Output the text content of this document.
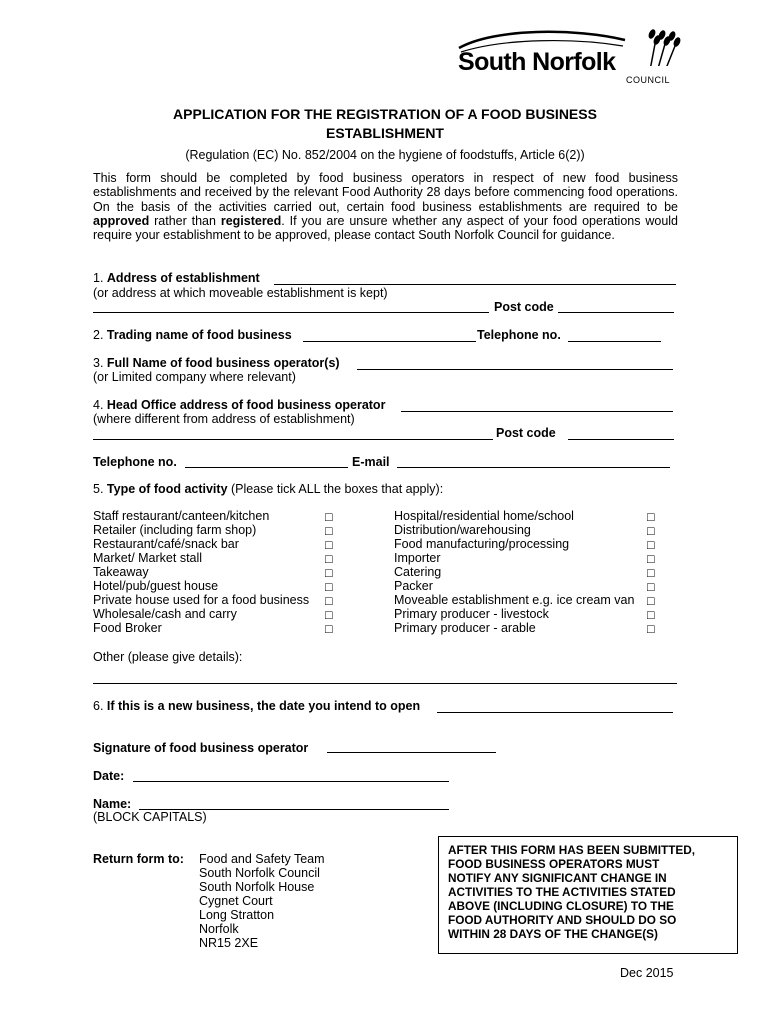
South Norfolk
COUNCIL
APPLICATION FOR THE REGISTRATION OF A FOOD BUSINESS
ESTABLISHMENT
(Regulation (EC) No. 852/2004 on the hygiene of foodstuffs, Article 6(2))
This form should be completed by food business operators in respect of new food business establishments and received by the relevant Food Authority 28 days before commencing food operations. On the basis of the activities carried out, certain food business establishments are required to be approved rather than registered. If you are unsure whether any aspect of your food operations would require your establishment to be approved, please contact South Norfolk Council for guidance.
1. Address of establishment
(or address at which moveable establishment is kept)
Post code
2. Trading name of food business	Telephone no.
3. Full Name of food business operator(s)
(or Limited company where relevant)
4. Head Office address of food business operator
(where different from address of establishment)
Post code
Telephone no.	E-mail
5. Type of food activity (Please tick ALL the boxes that apply):
Staff restaurant/canteen/kitchen
Retailer (including farm shop)
Restaurant/café/snack bar
Market/ Market stall
Takeaway
Hotel/pub/guest house
Private house used for a food business
Wholesale/cash and carry
Food Broker
□
□
□
□
□
□
□
□
□
Hospital/residential home/school
Distribution/warehousing
Food manufacturing/processing
Importer
Catering
Packer
Moveable establishment e.g. ice cream van
Primary producer - livestock
Primary producer - arable
□
□
□
□
□
□
□
□
□
Other (please give details):
6. If this is a new business, the date you intend to open
Signature of food business operator
Date:
Name:
(BLOCK CAPITALS)
Return form to: Food and Safety Team
South Norfolk Council
South Norfolk House
Cygnet Court
Long Stratton
Norfolk
NR15 2XE
AFTER THIS FORM HAS BEEN SUBMITTED,
FOOD BUSINESS OPERATORS MUST
NOTIFY ANY SIGNIFICANT CHANGE IN
ACTIVITIES TO THE ACTIVITIES STATED
ABOVE (INCLUDING CLOSURE) TO THE
FOOD AUTHORITY AND SHOULD DO SO
WITHIN 28 DAYS OF THE CHANGE(S)
Dec 2015
